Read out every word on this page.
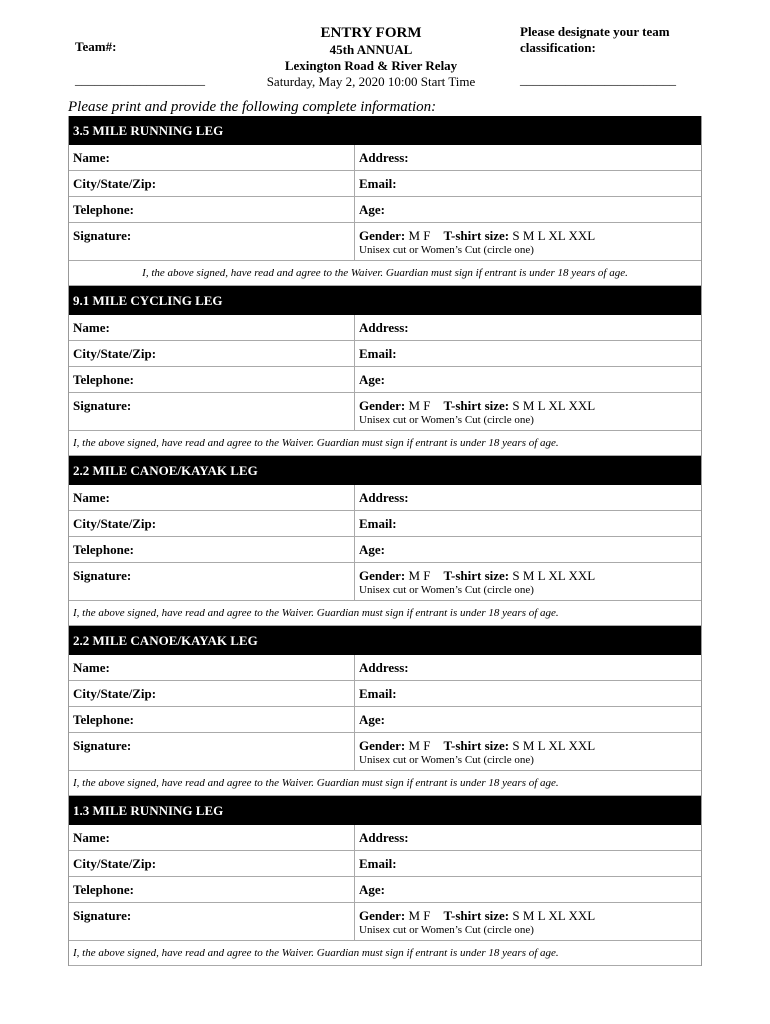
Team#:
____________________
ENTRY FORM
45th ANNUAL
Lexington Road & River Relay
Saturday, May 2, 2020 10:00 Start Time
Please designate your team classification:
________________________
Please print and provide the following complete information:
3.5 MILE RUNNING LEG
Name:	Address:
City/State/Zip:	Email:
Telephone:	Age:
Signature:	Gender: M F    T-shirt size: S M L XL XXL
Unisex cut or Women’s Cut (circle one)
I, the above signed, have read and agree to the Waiver. Guardian must sign if entrant is under 18 years of age.
9.1 MILE CYCLING LEG
Name:	Address:
City/State/Zip:	Email:
Telephone:	Age:
Signature:	Gender: M F    T-shirt size: S M L XL XXL
Unisex cut or Women’s Cut (circle one)
I, the above signed, have read and agree to the Waiver. Guardian must sign if entrant is under 18 years of age.
2.2 MILE CANOE/KAYAK LEG
Name:	Address:
City/State/Zip:	Email:
Telephone:	Age:
Signature:	Gender: M F    T-shirt size: S M L XL XXL
Unisex cut or Women’s Cut (circle one)
I, the above signed, have read and agree to the Waiver. Guardian must sign if entrant is under 18 years of age.
2.2 MILE CANOE/KAYAK LEG
Name:	Address:
City/State/Zip:	Email:
Telephone:	Age:
Signature:	Gender: M F    T-shirt size: S M L XL XXL
Unisex cut or Women’s Cut (circle one)
I, the above signed, have read and agree to the Waiver. Guardian must sign if entrant is under 18 years of age.
1.3 MILE RUNNING LEG
Name:	Address:
City/State/Zip:	Email:
Telephone:	Age:
Signature:	Gender: M F    T-shirt size: S M L XL XXL
Unisex cut or Women’s Cut (circle one)
I, the above signed, have read and agree to the Waiver. Guardian must sign if entrant is under 18 years of age.
